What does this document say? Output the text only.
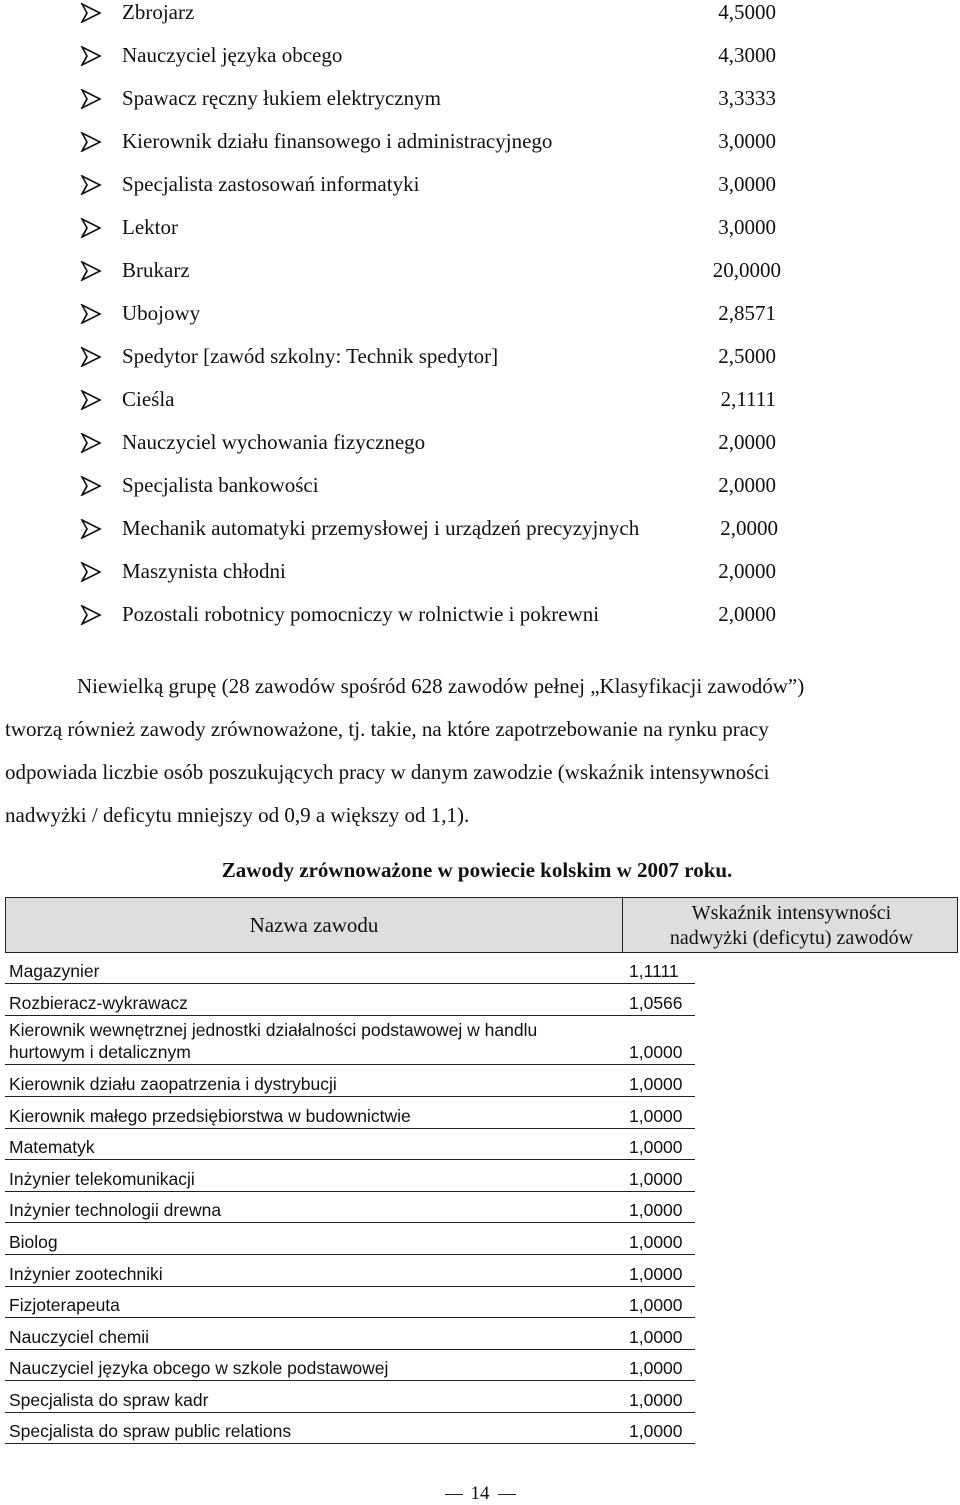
Zbrojarz	4,5000
Nauczyciel języka obcego	4,3000
Spawacz ręczny łukiem elektrycznym	3,3333
Kierownik działu finansowego i administracyjnego	3,0000
Specjalista zastosowań informatyki	3,0000
Lektor	3,0000
Brukarz	20,0000
Ubojowy	2,8571
Spedytor [zawód szkolny: Technik spedytor]	2,5000
Cieśla	2,1111
Nauczyciel wychowania fizycznego	2,0000
Specjalista bankowości	2,0000
Mechanik automatyki przemysłowej i urządzeń precyzyjnych	2,0000
Maszynista chłodni	2,0000
Pozostali robotnicy pomocniczy w rolnictwie i pokrewni	2,0000

Niewielką grupę (28 zawodów spośród 628 zawodów pełnej „Klasyfikacji zawodów”)

tworzą również zawody zrównoważone, tj. takie, na które zapotrzebowanie na rynku pracy

odpowiada liczbie osób poszukujących pracy w danym zawodzie (wskaźnik intensywności

nadwyżki / deficytu mniejszy od 0,9 a większy od 1,1).

Zawody zrównoważone w powiecie kolskim w 2007 roku.
Nazwa zawodu	Wskaźnik intensywności
nadwyżki (deficytu) zawodów
Magazynier	1,1111
Rozbieracz-wykrawacz	1,0566
Kierownik wewnętrznej jednostki działalności podstawowej w handlu hurtowym i detalicznym	1,0000
Kierownik działu zaopatrzenia i dystrybucji	1,0000
Kierownik małego przedsiębiorstwa w budownictwie	1,0000
Matematyk	1,0000
Inżynier telekomunikacji	1,0000
Inżynier technologii drewna	1,0000
Biolog	1,0000
Inżynier zootechniki	1,0000
Fizjoterapeuta	1,0000
Nauczyciel chemii	1,0000
Nauczyciel języka obcego w szkole podstawowej	1,0000
Specjalista do spraw kadr	1,0000
Specjalista do spraw public relations	1,0000
14
